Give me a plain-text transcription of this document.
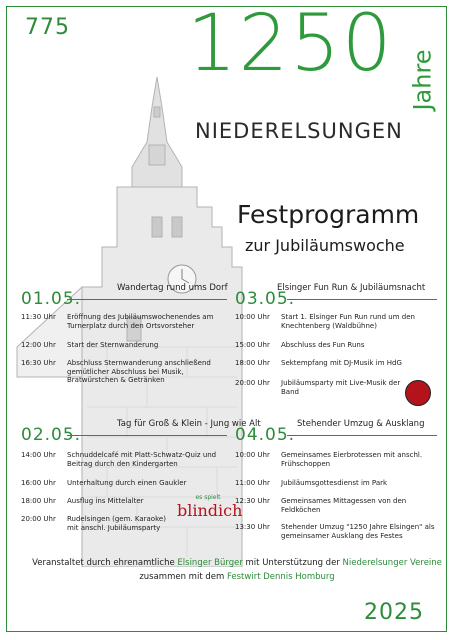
775 1250 Jahre
NIEDERELSUNGEN
Festprogramm
zur Jubiläumswoche
Wandertag rund ums Dorf
01.05.
11:30 Uhr	Eröffnung des Jubiläumswochenendes am Turnerplatz durch den Ortsvorsteher
12:00 Uhr	Start der Sternwanderung
16:30 Uhr	Abschluss Sternwanderung anschließend gemütlicher Abschluss bei Musik, Bratwürstchen & Getränken
Elsinger Fun Run & Jubiläumsnacht
03.05.
10:00 Uhr	Start 1. Elsinger Fun Run rund um den Knechtenberg (Waldbühne)
15:00 Uhr	Abschluss des Fun Runs
18:00 Uhr	Sektempfang mit DJ-Musik im HdG
20:00 Uhr	Jubiläumsparty mit Live-Musik der Band
Tag für Groß & Klein - Jung wie Alt
02.05.
14:00 Uhr	Schnuddelcafé mit Platt-Schwatz-Quiz und Beitrag durch den Kindergarten
16:00 Uhr	Unterhaltung durch einen Gaukler
18:00 Uhr	Ausflug ins Mittelalter
20:00 Uhr	Rudelsingen (gem. Karaoke) mit anschl. Jubiläumsparty
es spielt
blindich
Stehender Umzug & Ausklang
04.05.
10:00 Uhr	Gemeinsames Eierbrotessen mit anschl. Frühschoppen
11:00 Uhr	Jubiläumsgottesdienst im Park
12:30 Uhr	Gemeinsames Mittagessen von den Feldköchen
13:30 Uhr	Stehender Umzug "1250 Jahre Elsingen" als gemeinsamer Ausklang des Festes
Veranstaltet durch ehrenamtliche Elsinger Bürger mit Unterstützung der Niederelsunger Vereine
zusammen mit dem Festwirt Dennis Homburg
2025
